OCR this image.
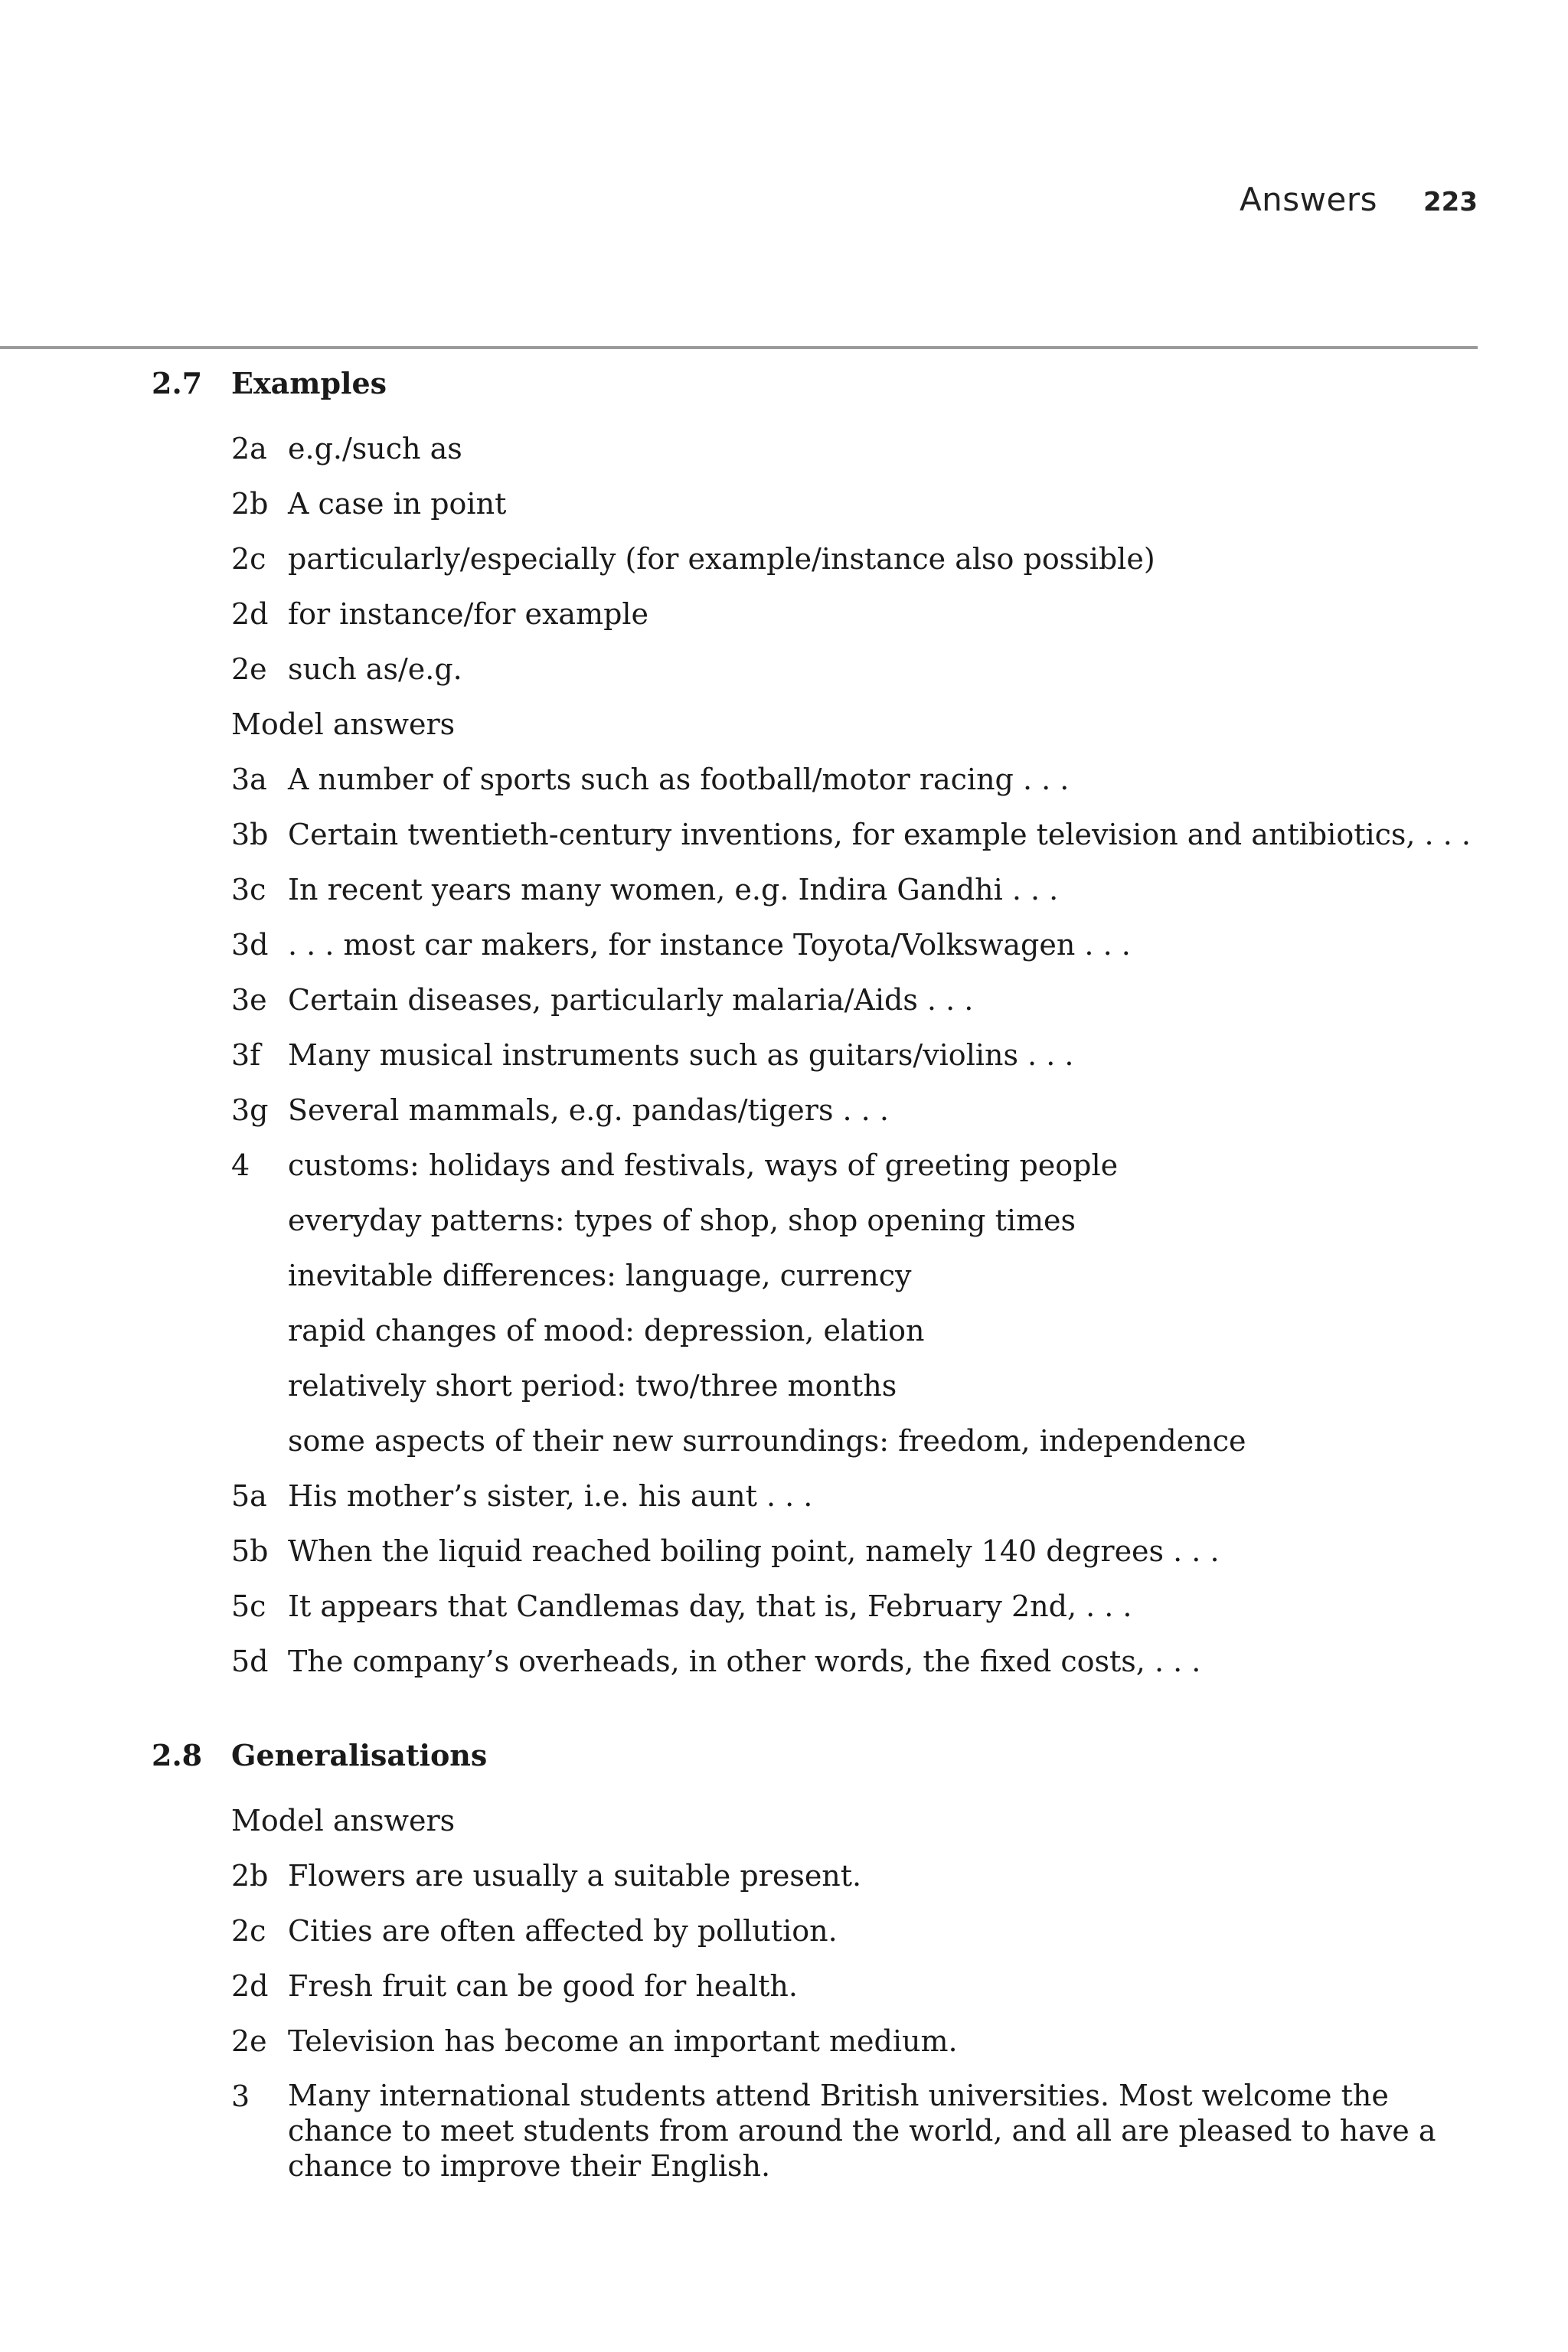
Answers 223
2.7 Examples
2a e.g./such as
2b A case in point
2c particularly/especially (for example/instance also possible)
2d for instance/for example
2e such as/e.g.
Model answers
3a A number of sports such as football/motor racing . . .
3b Certain twentieth-century inventions, for example television and antibiotics, . . .
3c In recent years many women, e.g. Indira Gandhi . . .
3d . . . most car makers, for instance Toyota/Volkswagen . . .
3e Certain diseases, particularly malaria/Aids . . .
3f Many musical instruments such as guitars/violins . . .
3g Several mammals, e.g. pandas/tigers . . .
4	customs: holidays and festivals, ways of greeting people
everyday patterns: types of shop, shop opening times
inevitable differences: language, currency
rapid changes of mood: depression, elation
relatively short period: two/three months
some aspects of their new surroundings: freedom, independence
5a His mother’s sister, i.e. his aunt . . .
5b When the liquid reached boiling point, namely 140 degrees . . .
5c It appears that Candlemas day, that is, February 2nd, . . .
5d The company’s overheads, in other words, the fixed costs, . . .
2.8 Generalisations
Model answers
2b Flowers are usually a suitable present.
2c Cities are often affected by pollution.
2d Fresh fruit can be good for health.
2e Television has become an important medium.
3	Many international students attend British universities. Most welcome the chance to meet students from around the world, and all are pleased to have a chance to improve their English.
